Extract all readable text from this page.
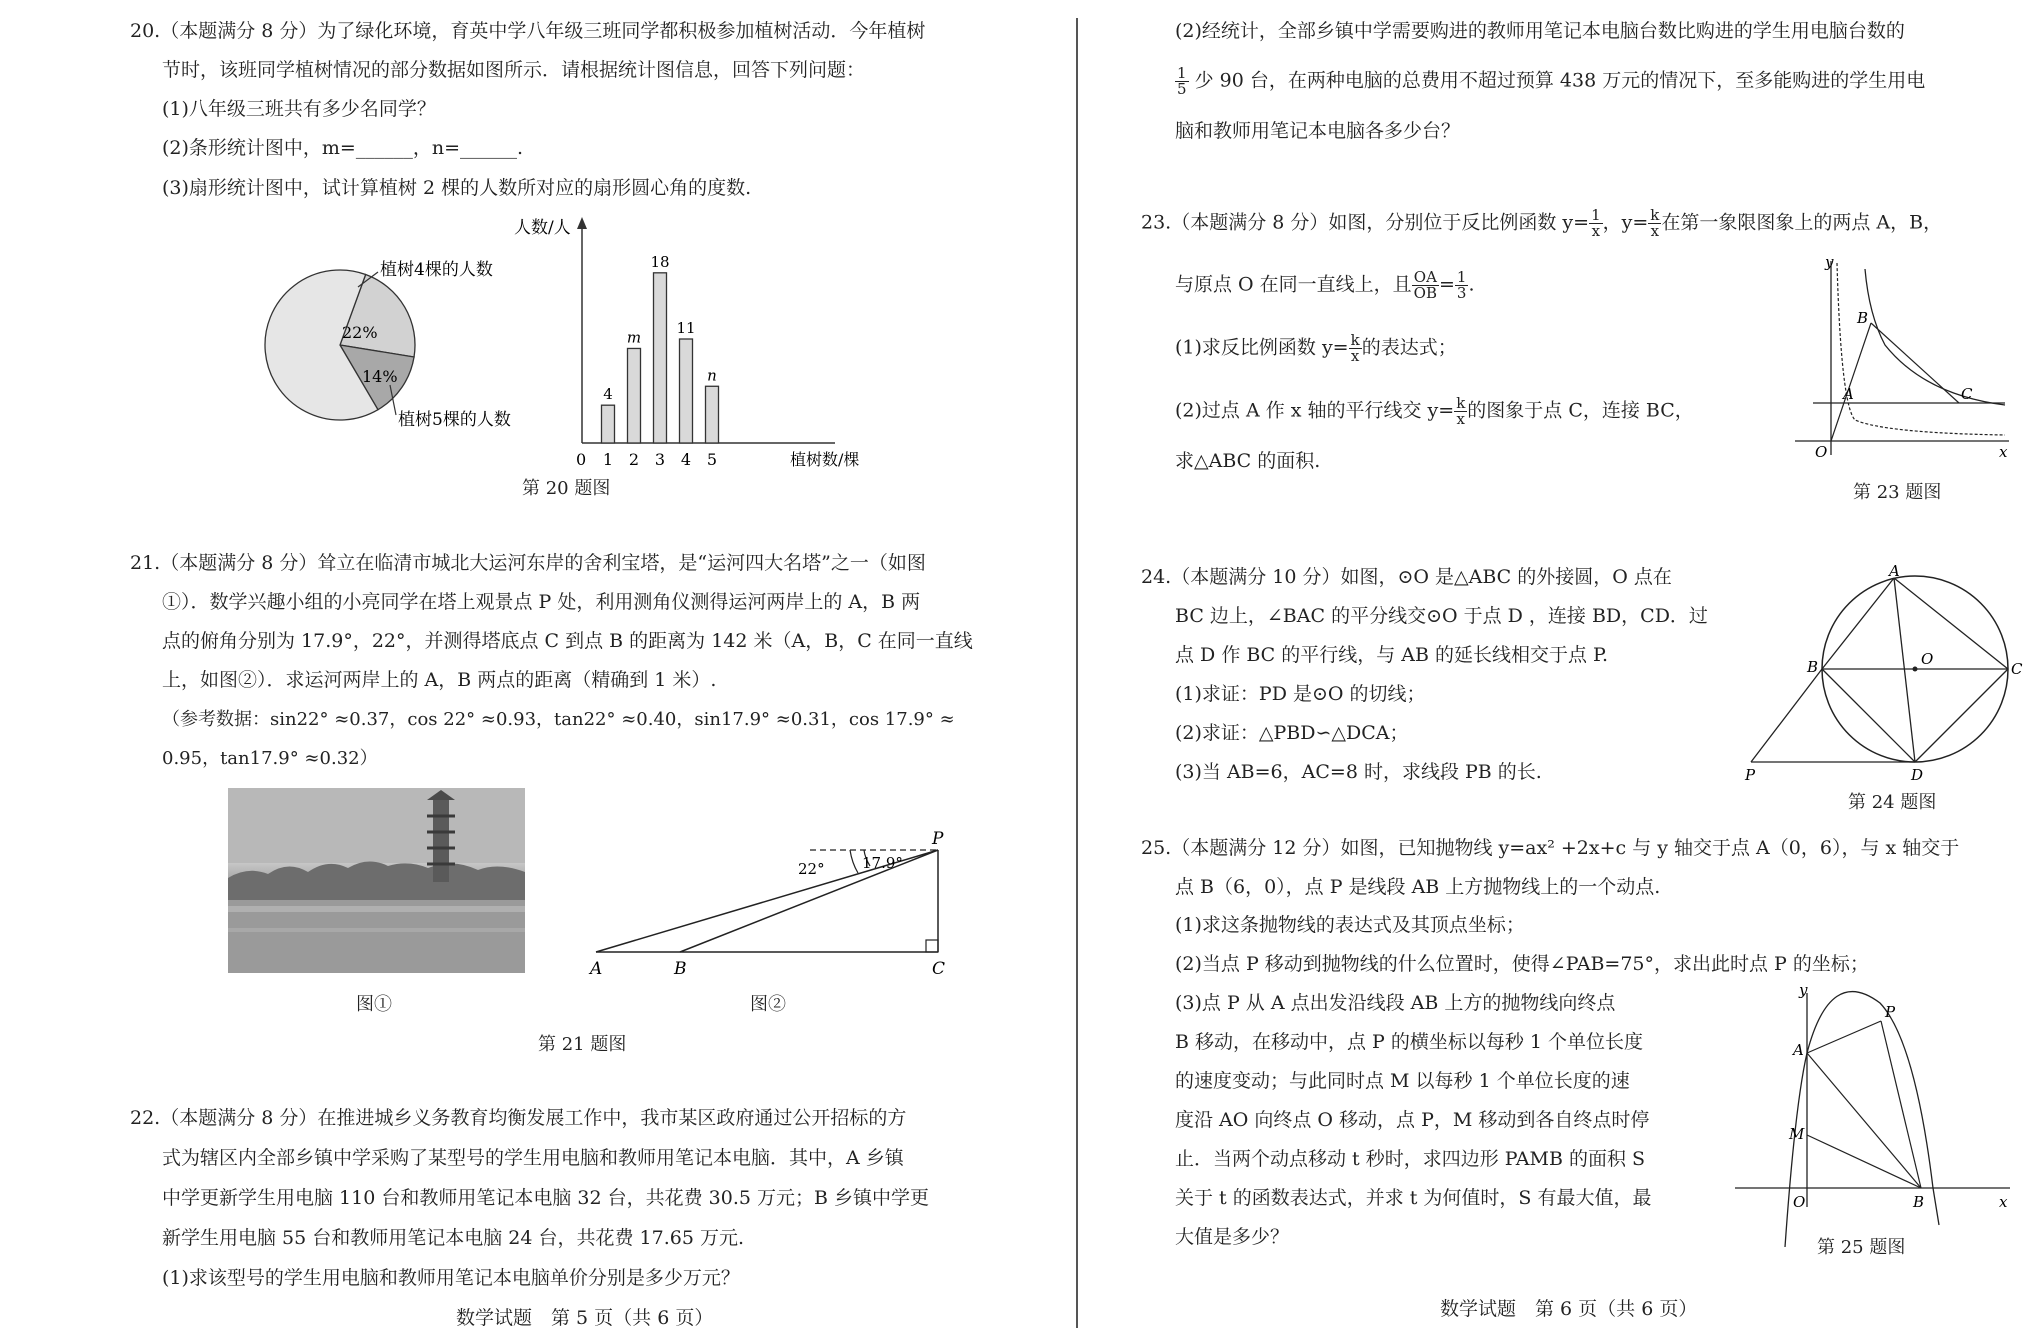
20.（本题满分 8 分）为了绿化环境，育英中学八年级三班同学都积极参加植树活动．今年植树
节时，该班同学植树情况的部分数据如图所示．请根据统计图信息，回答下列问题：
(1)八年级三班共有多少名同学？
(2)条形统计图中，m=______，n=______.
(3)扇形统计图中，试计算植树 2 棵的人数所对应的扇形圆心角的度数.
植树4棵的人数
22%
14%
植树5棵的人数
人数/人
植树数/棵
0
4
1
m
2
18
3
11
4
n
5
第 20 题图
21.（本题满分 8 分）耸立在临清市城北大运河东岸的舍利宝塔，是“运河四大名塔”之一（如图
①）．数学兴趣小组的小亮同学在塔上观景点 P 处，利用测角仪测得运河两岸上的 A，B 两
点的俯角分别为 17.9°，22°，并测得塔底点 C 到点 B 的距离为 142 米（A，B，C 在同一直线
上，如图②）．求运河两岸上的 A，B 两点的距离（精确到 1 米）.
（参考数据：sin22° ≈0.37，cos 22° ≈0.93，tan22° ≈0.40，sin17.9° ≈0.31，cos 17.9° ≈
0.95，tan17.9° ≈0.32）
图①
22° 17.9°
P
A	B	C
图②
第 21 题图
22.（本题满分 8 分）在推进城乡义务教育均衡发展工作中，我市某区政府通过公开招标的方
式为辖区内全部乡镇中学采购了某型号的学生用电脑和教师用笔记本电脑．其中，A 乡镇
中学更新学生用电脑 110 台和教师用笔记本电脑 32 台，共花费 30.5 万元；B 乡镇中学更
新学生用电脑 55 台和教师用笔记本电脑 24 台，共花费 17.65 万元.
(1)求该型号的学生用电脑和教师用笔记本电脑单价分别是多少万元？
数学试题　第 5 页（共 6 页）
(2)经统计，全部乡镇中学需要购进的教师用笔记本电脑台数比购进的学生用电脑台数的
$\frac{1}{5}$ 少 90 台，在两种电脑的总费用不超过预算 438 万元的情况下，至多能购进的学生用电
脑和教师用笔记本电脑各多少台？
23.（本题满分 8 分）如图，分别位于反比例函数 $y= \frac{1}{x}$ ，$y= \frac{k}{x}$ 在第一象限图象上的两点 A，B，
与原点 O 在同一直线上，且 $\frac{OA}{OB} = \frac{1}{3}$ .
(1)求反比例函数 $y= \frac{k}{x}$ 的表达式；
(2)过点 A 作 x 轴的平行线交 $y= \frac{k}{x}$ 的图象于点 C，连接 BC，
求△ABC 的面积.
y
x
O
A
B
C
第 23 题图
24.（本题满分 10 分）如图，⊙O 是△ABC 的外接圆，O 点在
BC 边上，∠BAC 的平分线交⊙O 于点 D ，连接 BD，CD．过
点 D 作 BC 的平行线，与 AB 的延长线相交于点 P.
(1)求证：PD 是⊙O 的切线；
(2)求证：△PBD∽△DCA；
(3)当 AB=6，AC=8 时，求线段 PB 的长.
A
B	C
O
D
P
第 24 题图
25.（本题满分 12 分）如图，已知抛物线 y=ax² +2x+c 与 y 轴交于点 A（0，6），与 x 轴交于
点 B（6，0），点 P 是线段 AB 上方抛物线上的一个动点.
(1)求这条抛物线的表达式及其顶点坐标；
(2)当点 P 移动到抛物线的什么位置时，使得∠PAB=75°，求出此时点 P 的坐标；
(3)点 P 从 A 点出发沿线段 AB 上方的抛物线向终点
B 移动，在移动中，点 P 的横坐标以每秒 1 个单位长度
的速度变动；与此同时点 M 以每秒 1 个单位长度的速
度沿 AO 向终点 O 移动，点 P，M 移动到各自终点时停
止．当两个动点移动 t 秒时，求四边形 PAMB 的面积 S
关于 t 的函数表达式，并求 t 为何值时，S 有最大值，最
大值是多少？
y
x
O
A
B
P
M
第 25 题图
数学试题　第 6 页（共 6 页）
